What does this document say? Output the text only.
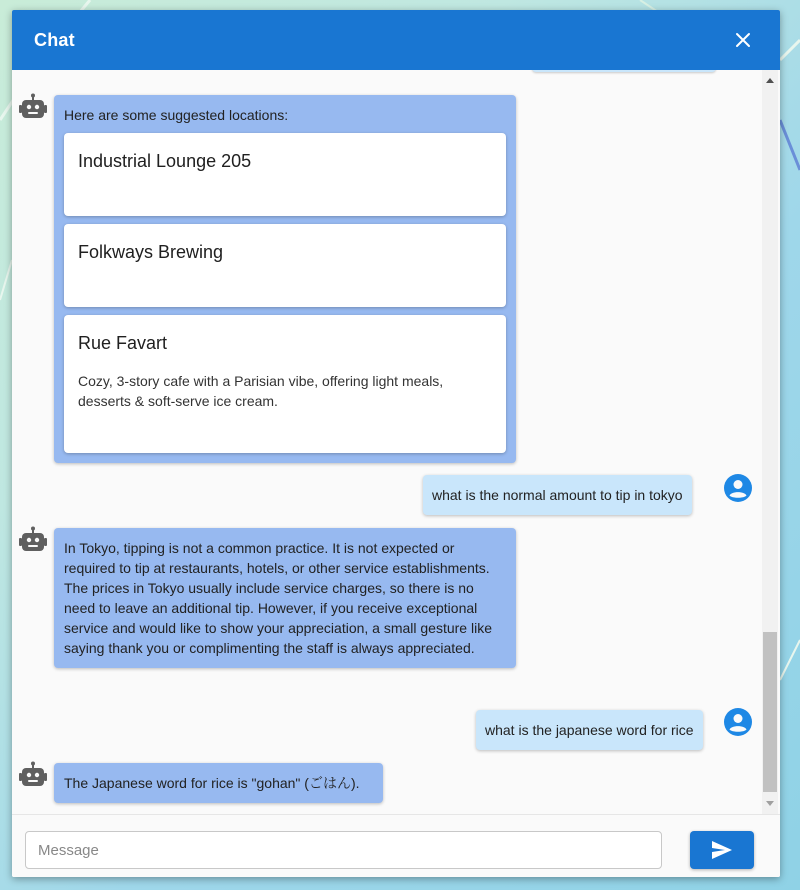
Chat
Here are some suggested locations:
Industrial Lounge 205
Folkways Brewing
Rue Favart
Cozy, 3-story cafe with a Parisian vibe, offering light meals, desserts & soft-serve ice cream.
what is the normal amount to tip in tokyo
In Tokyo, tipping is not a common practice. It is not expected or required to tip at restaurants, hotels, or other service establishments. The prices in Tokyo usually include service charges, so there is no need to leave an additional tip. However, if you receive exceptional service and would like to show your appreciation, a small gesture like saying thank you or complimenting the staff is always appreciated.
what is the japanese word for rice
The Japanese word for rice is "gohan" (ごはん).
Message
